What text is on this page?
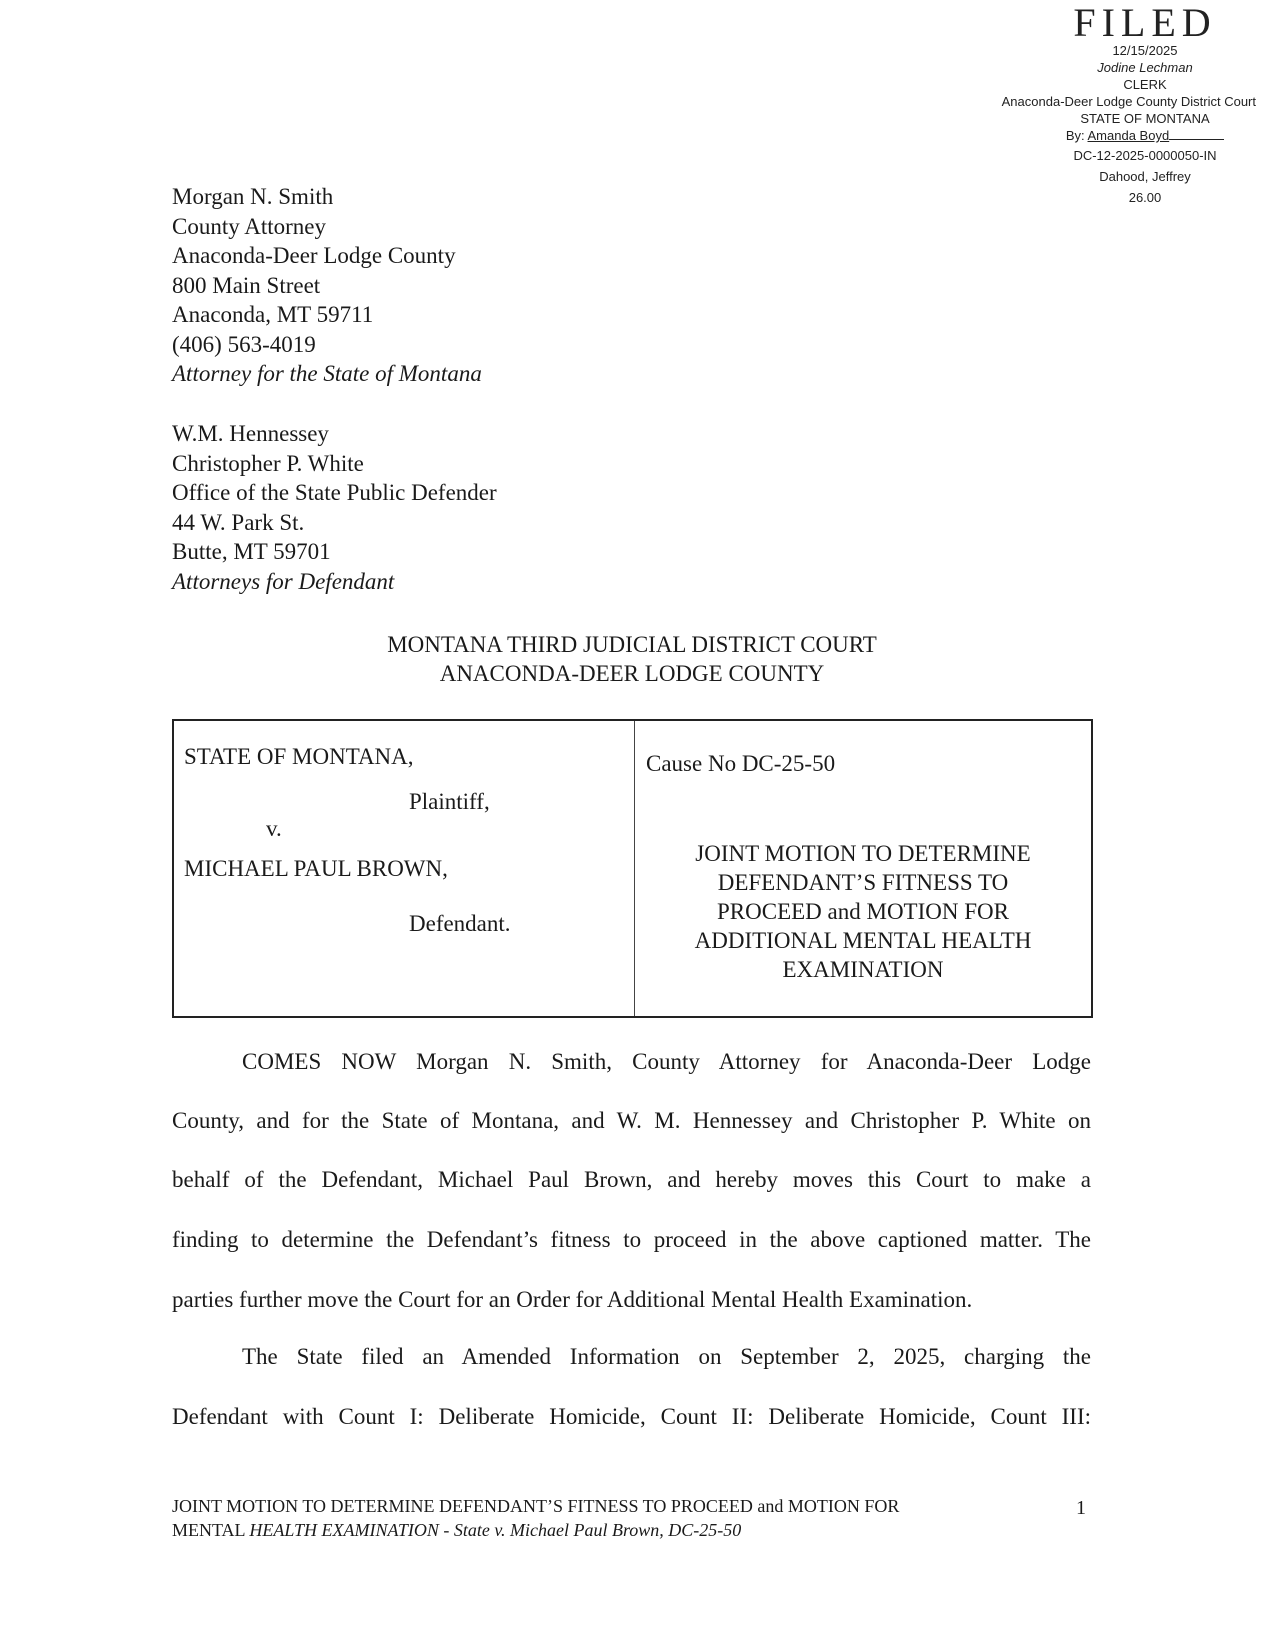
FILED
12/15/2025
Jodine Lechman
CLERK
Anaconda-Deer Lodge County District Court
STATE OF MONTANA
By: Amanda Boyd
DC-12-2025-0000050-IN
Dahood, Jeffrey
26.00
Morgan N. Smith
County Attorney
Anaconda-Deer Lodge County
800 Main Street
Anaconda, MT 59711
(406) 563-4019
Attorney for the State of Montana
W.M. Hennessey
Christopher P. White
Office of the State Public Defender
44 W. Park St.
Butte, MT 59701
Attorneys for Defendant
MONTANA THIRD JUDICIAL DISTRICT COURT
ANACONDA-DEER LODGE COUNTY
STATE OF MONTANA,
Plaintiff,
v.
MICHAEL PAUL BROWN,
Defendant.
Cause No DC-25-50
JOINT MOTION TO DETERMINE
DEFENDANT’S FITNESS TO
PROCEED and MOTION FOR
ADDITIONAL MENTAL HEALTH
EXAMINATION
COMES NOW Morgan N. Smith, County Attorney for Anaconda-Deer Lodge
County, and for the State of Montana, and W. M. Hennessey and Christopher P. White on
behalf of the Defendant, Michael Paul Brown, and hereby moves this Court to make a
finding to determine the Defendant’s fitness to proceed in the above captioned matter. The
parties further move the Court for an Order for Additional Mental Health Examination.
The State filed an Amended Information on September 2, 2025, charging the
Defendant with Count I: Deliberate Homicide, Count II: Deliberate Homicide, Count III:
JOINT MOTION TO DETERMINE DEFENDANT’S FITNESS TO PROCEED and MOTION FOR
MENTAL HEALTH EXAMINATION - State v. Michael Paul Brown, DC-25-50
1
